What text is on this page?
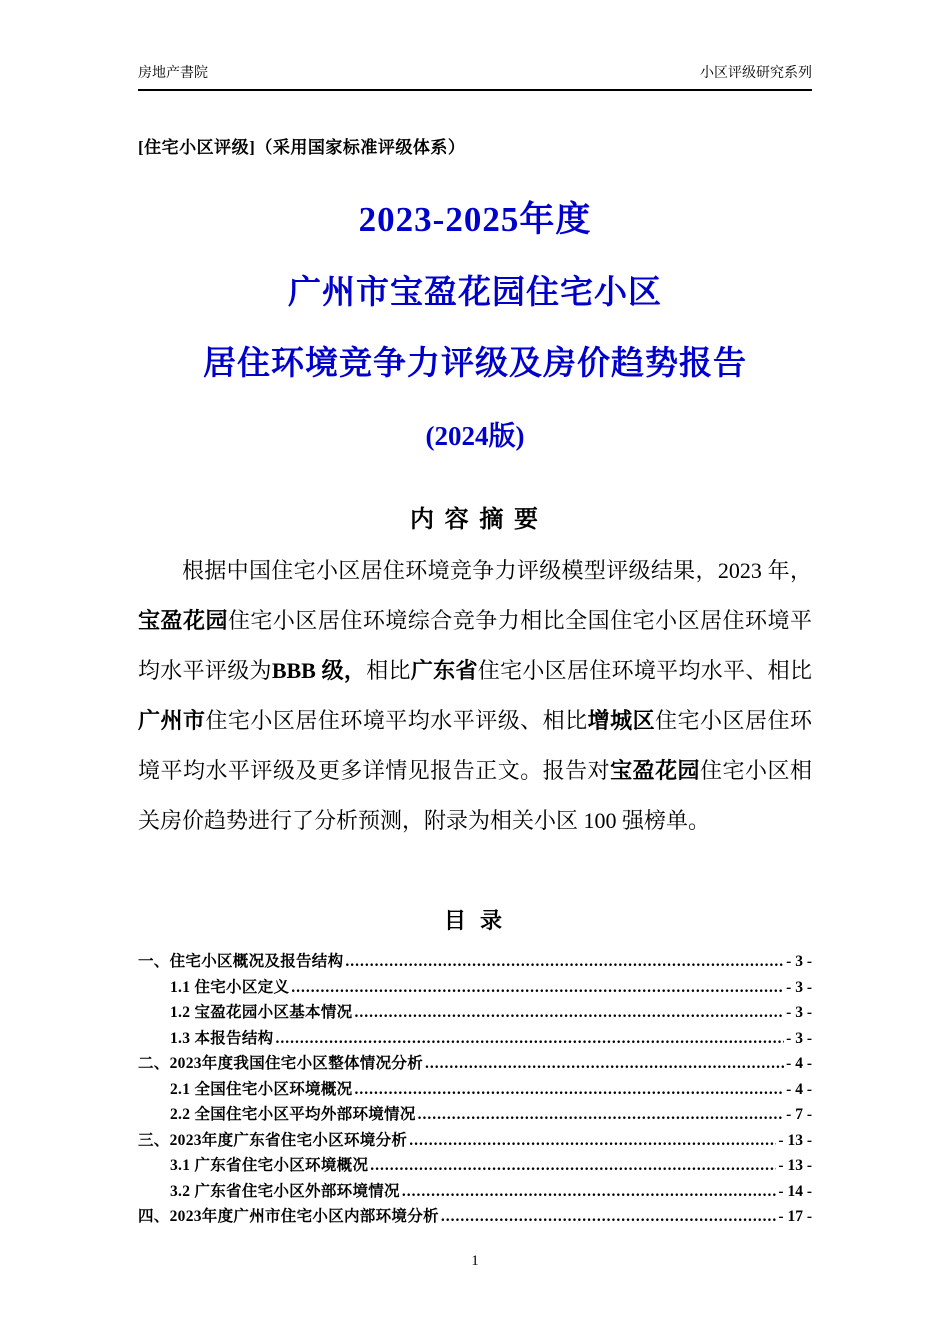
房地产書院	小区评级研究系列
[住宅小区评级]（采用国家标准评级体系）
2023-2025年度
广州市宝盈花园住宅小区
居住环境竞争力评级及房价趋势报告
(2024版)
内 容 摘 要

根据中国住宅小区居住环境竞争力评级模型评级结果，2023 年，宝盈花园住宅小区居住环境综合竞争力相比全国住宅小区居住环境平均水平评级为BBB 级，相比广东省住宅小区居住环境平均水平、相比广州市住宅小区居住环境平均水平评级、相比增城区住宅小区居住环境平均水平评级及更多详情见报告正文。报告对宝盈花园住宅小区相关房价趋势进行了分析预测，附录为相关小区 100 强榜单。

目 录
一、住宅小区概况及报告结构 .....	- 3 -
1.1 住宅小区定义 .....	- 3 -
1.2 宝盈花园小区基本情况 .....	- 3 -
1.3 本报告结构 .....	- 3 -
二、2023年度我国住宅小区整体情况分析 .....	- 4 -
2.1 全国住宅小区环境概况 .....	- 4 -
2.2 全国住宅小区平均外部环境情况 .....	- 7 -
三、2023年度广东省住宅小区环境分析 .....	- 13 -
3.1 广东省住宅小区环境概况 .....	- 13 -
3.2 广东省住宅小区外部环境情况 .....	- 14 -
四、2023年度广州市住宅小区内部环境分析 .....	- 17 -
1
